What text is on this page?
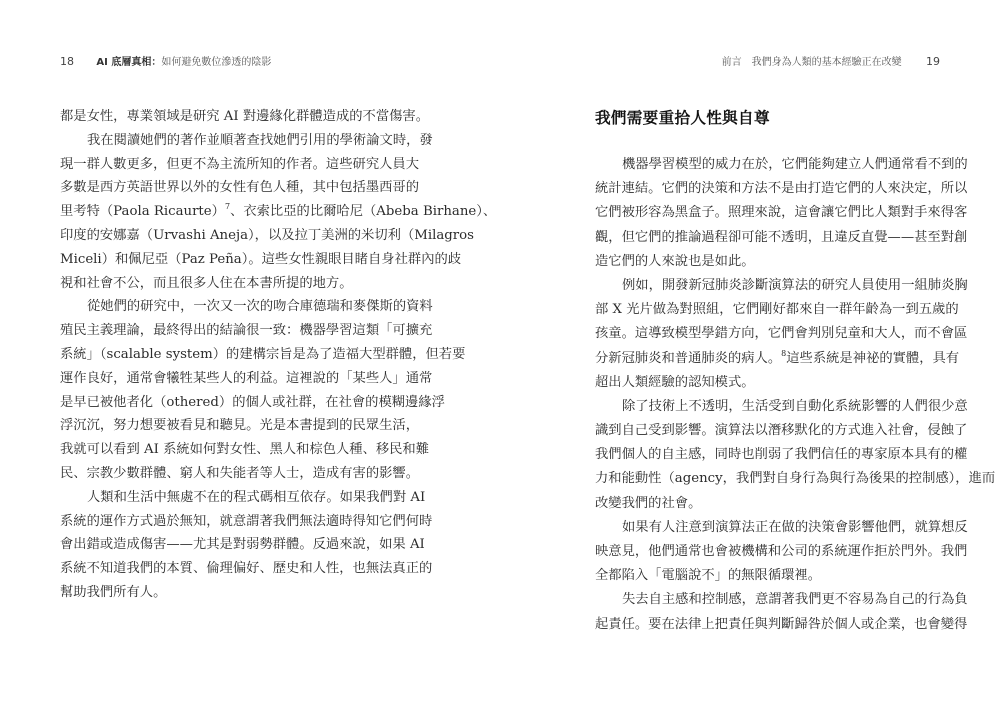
18 AI 底層真相：如何避免數位滲透的陰影	前言　我們身為人類的基本經驗正在改變 19
我們需要重拾人性與自尊
都是女性，專業領域是研究 AI 對邊緣化群體造成的不當傷害。
我在閱讀她們的著作並順著查找她們引用的學術論文時，發
現一群人數更多，但更不為主流所知的作者。這些研究人員大
多數是西方英語世界以外的女性有色人種，其中包括墨西哥的
里考特（Paola Ricaurte）$^7$、衣索比亞的比爾哈尼（Abeba Birhane）、
印度的安娜嘉（Urvashi Aneja），以及拉丁美洲的米切利（Milagros
Miceli）和佩尼亞（Paz Peña）。這些女性親眼目睹自身社群內的歧
視和社會不公，而且很多人住在本書所提的地方。
從她們的研究中，一次又一次的吻合庫德瑞和麥傑斯的資料
殖民主義理論，最終得出的結論很一致：機器學習這類「可擴充
系統」（scalable system）的建構宗旨是為了造福大型群體，但若要
運作良好，通常會犧牲某些人的利益。這裡說的「某些人」通常
是早已被他者化（othered）的個人或社群，在社會的模糊邊緣浮
浮沉沉，努力想要被看見和聽見。光是本書提到的民眾生活，
我就可以看到 AI 系統如何對女性、黑人和棕色人種、移民和難
民、宗教少數群體、窮人和失能者等人士，造成有害的影響。
人類和生活中無處不在的程式碼相互依存。如果我們對 AI
系統的運作方式過於無知，就意謂著我們無法適時得知它們何時
會出錯或造成傷害——尤其是對弱勢群體。反過來說，如果 AI
系統不知道我們的本質、倫理偏好、歷史和人性，也無法真正的
幫助我們所有人。
機器學習模型的威力在於，它們能夠建立人們通常看不到的
統計連結。它們的決策和方法不是由打造它們的人來決定，所以
它們被形容為黑盒子。照理來說，這會讓它們比人類對手來得客
觀，但它們的推論過程卻可能不透明，且違反直覺——甚至對創
造它們的人來說也是如此。
例如，開發新冠肺炎診斷演算法的研究人員使用一組肺炎胸
部 X 光片做為對照組，它們剛好都來自一群年齡為一到五歲的
孩童。這導致模型學錯方向，它們會判別兒童和大人，而不會區
分新冠肺炎和普通肺炎的病人。$^8$這些系統是神祕的實體，具有
超出人類經驗的認知模式。
除了技術上不透明，生活受到自動化系統影響的人們很少意
識到自己受到影響。演算法以潛移默化的方式進入社會，侵蝕了
我們個人的自主感，同時也削弱了我們信任的專家原本具有的權
力和能動性（agency，我們對自身行為與行為後果的控制感），進而
改變我們的社會。
如果有人注意到演算法正在做的決策會影響他們，就算想反
映意見，他們通常也會被機構和公司的系統運作拒於門外。我們
全都陷入「電腦說不」的無限循環裡。
失去自主感和控制感，意謂著我們更不容易為自己的行為負
起責任。要在法律上把責任與判斷歸咎於個人或企業，也會變得
